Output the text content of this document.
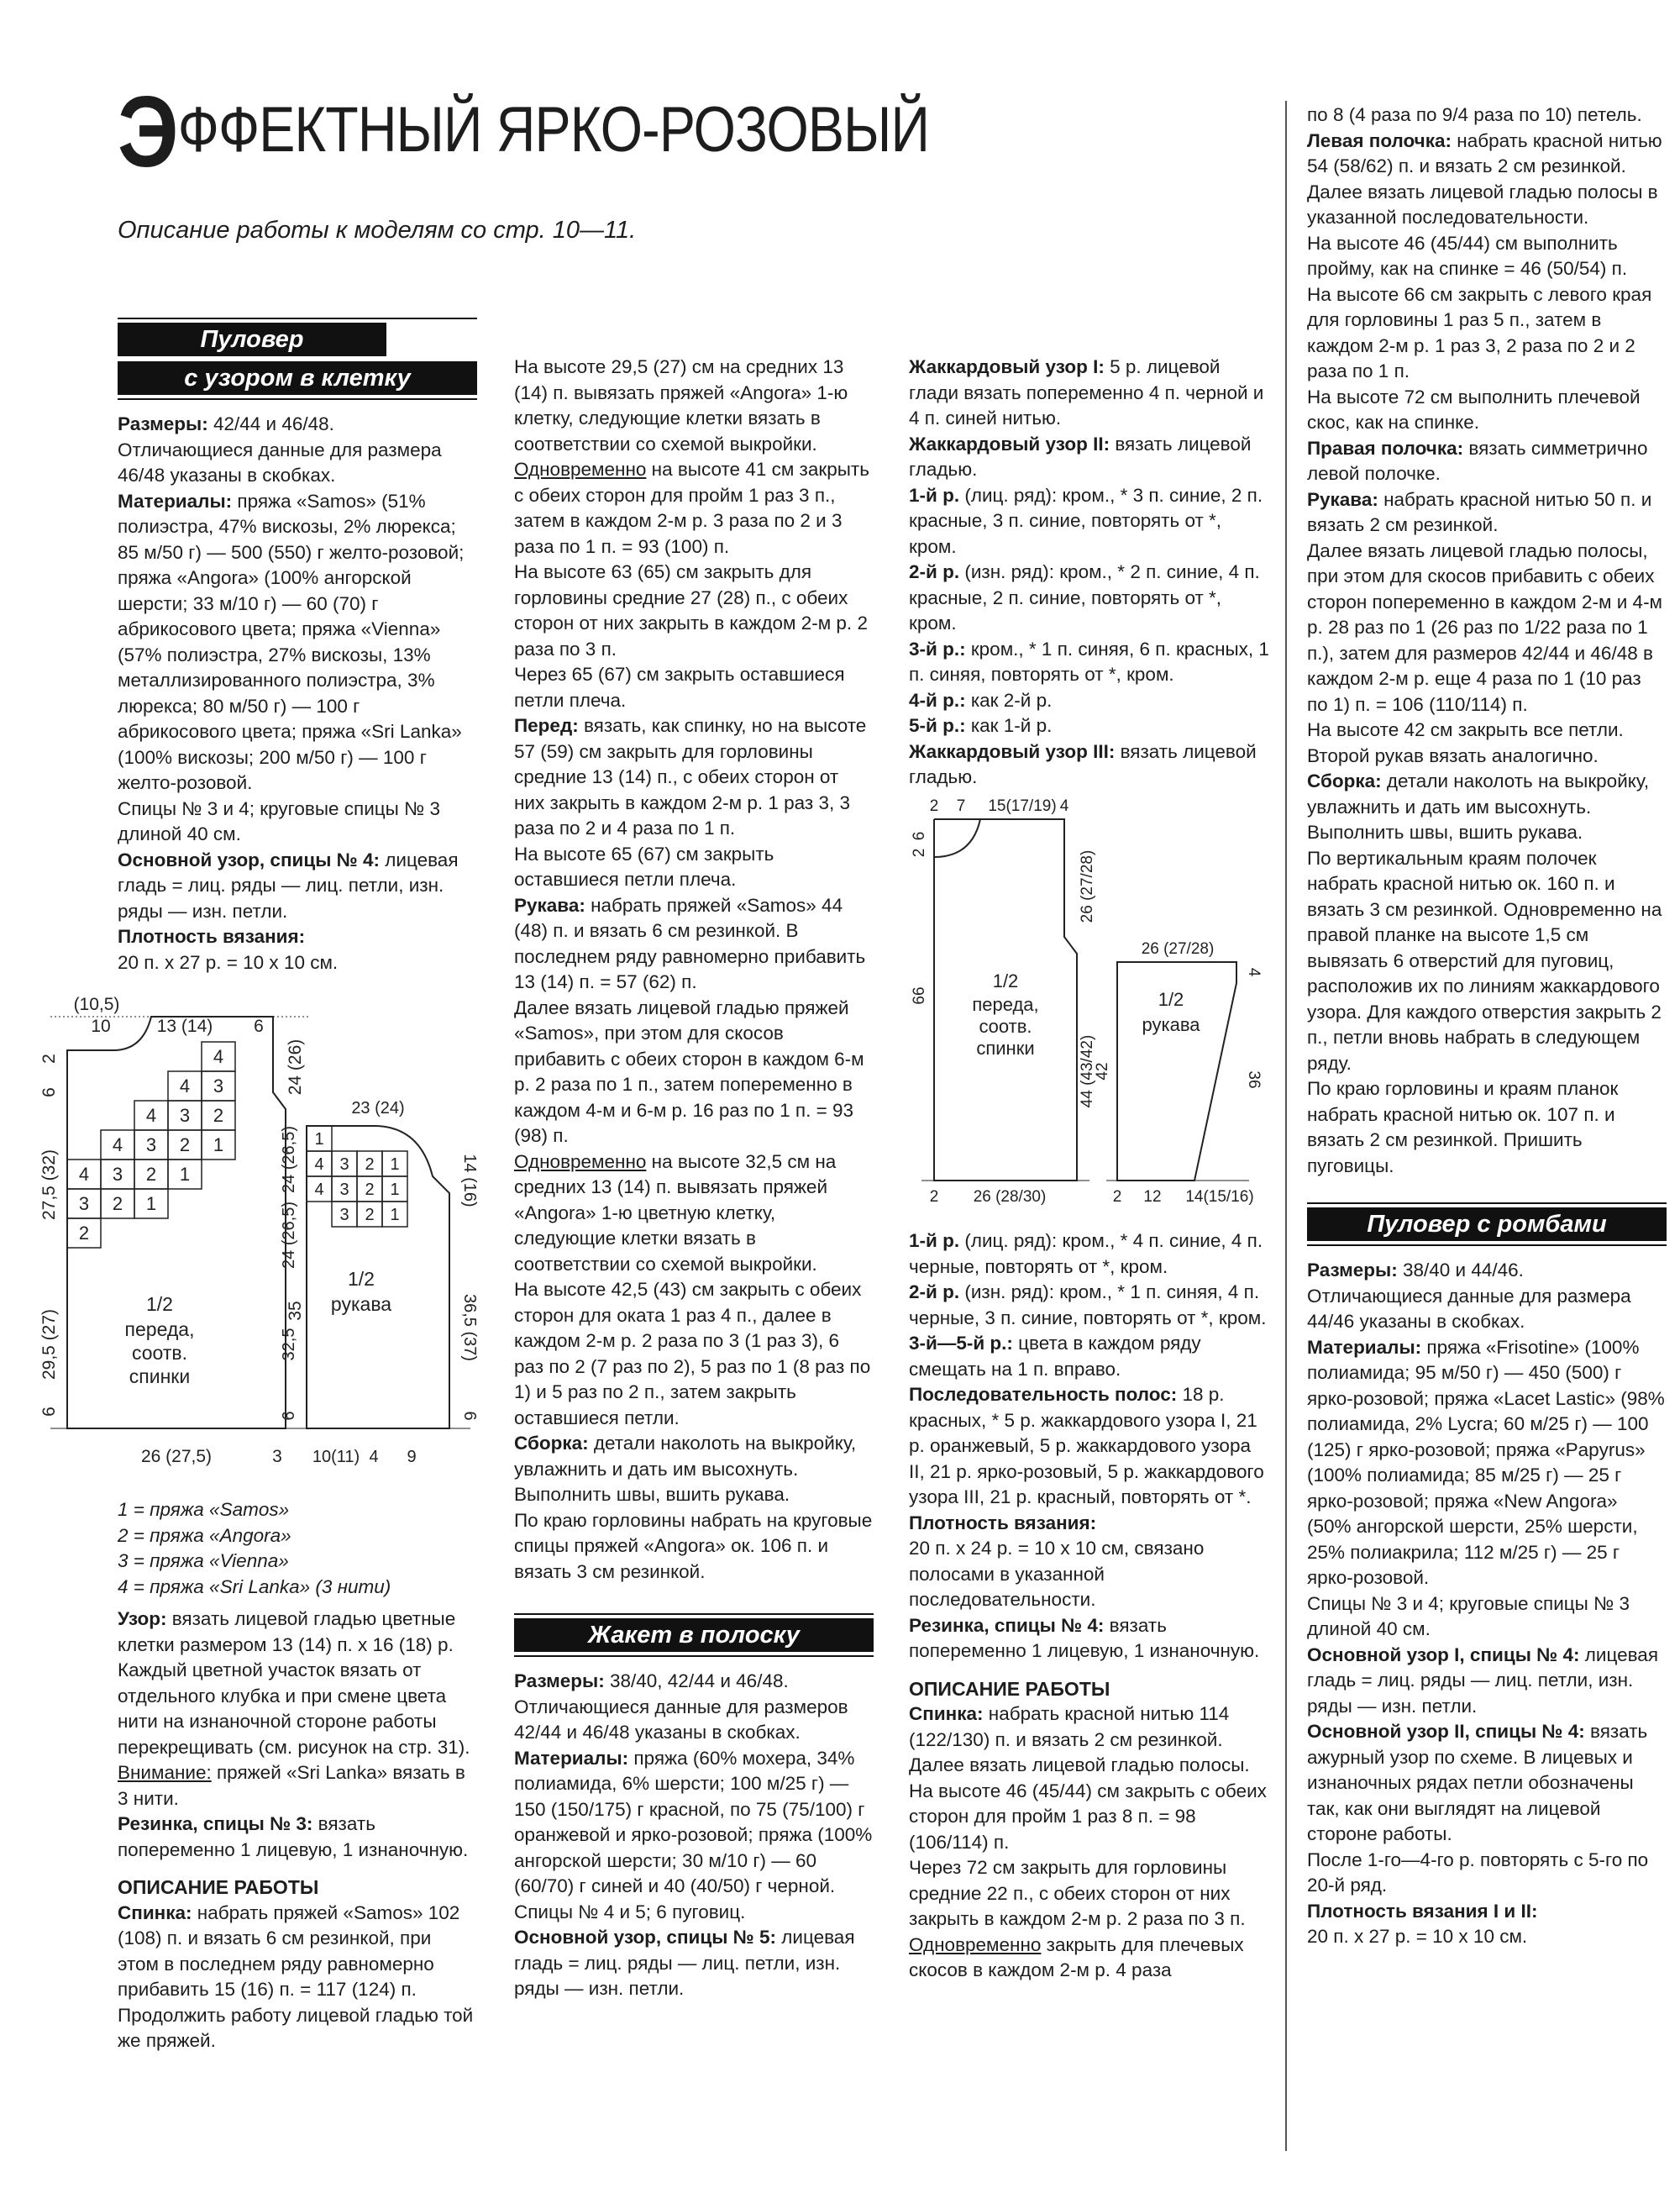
ЭФФЕКТНЫЙ ЯРКО-РОЗОВЫЙ
Описание работы к моделям со стр. 10—11.

Пуловер

с узором в клетку

Размеры: 42/44 и 46/48.

Отличающиеся данные для размера 46/48 указаны в скобках.

Материалы: пряжа «Samos» (51% полиэстра, 47% вискозы, 2% люрекса; 85 м/50 г) — 500 (550) г желто-розовой; пряжа «Angora» (100% ангорской шерсти; 33 м/10 г) — 60 (70) г абрикосового цвета; пряжа «Vienna» (57% полиэстра, 27% вискозы, 13% металлизированного полиэстра, 3% люрекса; 80 м/50 г) — 100 г абрикосового цвета; пряжа «Sri Lanka» (100% вискозы; 200 м/50 г) — 100 г желто-розовой.

Спицы № 3 и 4; круговые спицы № 3 длиной 40 см.

Основной узор, спицы № 4: лицевая гладь = лиц. ряды — лиц. петли, изн. ряды — изн. петли.

Плотность вязания:

20 п. х 27 р. = 10 х 10 см.

4
4 3
4 3 2
4 3 2 1
4 3 2 1
3 2 1
2
(10,5)
10	13 (14) 6
2
6
27,5 (32)
29,5 (27)
6
24 (26)
35
26 (27,5)	3
1/2
переда,
соотв.
спинки
1
4 3 2 1
4 3 2 1
3 2 1
23 (24)
24 (26,5)
24 (26,5)
32,5
6
14 (16)
36,5 (37)
6
10(11) 4 9
1/2
рукава

1 = пряжа «Samos»

2 = пряжа «Angora»

3 = пряжа «Vienna»

4 = пряжа «Sri Lanka» (3 нити)

Узор: вязать лицевой гладью цветные клетки размером 13 (14) п. х 16 (18) р.

Каждый цветной участок вязать от отдельного клубка и при смене цвета нити на изнаночной стороне работы перекрещивать (см. рисунок на стр. 31).

Внимание: пряжей «Sri Lanka» вязать в 3 нити.

Резинка, спицы № 3: вязать попеременно 1 лицевую, 1 изнаночную.

ОПИСАНИЕ РАБОТЫ

Спинка: набрать пряжей «Samos» 102 (108) п. и вязать 6 см резинкой, при этом в последнем ряду равномерно прибавить 15 (16) п. = 117 (124) п.

Продолжить работу лицевой гладью той же пряжей.

На высоте 29,5 (27) см на средних 13 (14) п. вывязать пряжей «Angora» 1-ю клетку, следующие клетки вязать в соответствии со схемой выкройки.

Одновременно на высоте 41 см закрыть с обеих сторон для пройм 1 раз 3 п., затем в каждом 2-м р. 3 раза по 2 и 3 раза по 1 п. = 93 (100) п.

На высоте 63 (65) см закрыть для горловины средние 27 (28) п., с обеих сторон от них закрыть в каждом 2-м р. 2 раза по 3 п.

Через 65 (67) см закрыть оставшиеся петли плеча.

Перед: вязать, как спинку, но на высоте 57 (59) см закрыть для горловины средние 13 (14) п., с обеих сторон от них закрыть в каждом 2-м р. 1 раз 3, 3 раза по 2 и 4 раза по 1 п.

На высоте 65 (67) см закрыть оставшиеся петли плеча.

Рукава: набрать пряжей «Samos» 44 (48) п. и вязать 6 см резинкой. В последнем ряду равномерно прибавить 13 (14) п. = 57 (62) п.

Далее вязать лицевой гладью пряжей «Samos», при этом для скосов прибавить с обеих сторон в каждом 6-м р. 2 раза по 1 п., затем попеременно в каждом 4-м и 6-м р. 16 раз по 1 п. = 93 (98) п.

Одновременно на высоте 32,5 см на средних 13 (14) п. вывязать пряжей «Angora» 1-ю цветную клетку, следующие клетки вязать в соответствии со схемой выкройки.

На высоте 42,5 (43) см закрыть с обеих сторон для оката 1 раз 4 п., далее в каждом 2-м р. 2 раза по 3 (1 раз 3), 6 раз по 2 (7 раз по 2), 5 раз по 1 (8 раз по 1) и 5 раз по 2 п., затем закрыть оставшиеся петли.

Сборка: детали наколоть на выкройку, увлажнить и дать им высохнуть.

Выполнить швы, вшить рукава.

По краю горловины набрать на круговые спицы пряжей «Angora» ок. 106 п. и вязать 3 см резинкой.

Жакет в полоску

Размеры: 38/40, 42/44 и 46/48.

Отличающиеся данные для размеров 42/44 и 46/48 указаны в скобках.

Материалы: пряжа (60% мохера, 34% полиамида, 6% шерсти; 100 м/25 г) — 150 (150/175) г красной, по 75 (75/100) г оранжевой и ярко-розовой; пряжа (100% ангорской шерсти; 30 м/10 г) — 60 (60/70) г синей и 40 (40/50) г черной.

Спицы № 4 и 5; 6 пуговиц.

Основной узор, спицы № 5: лицевая гладь = лиц. ряды — лиц. петли, изн. ряды — изн. петли.

Жаккардовый узор I: 5 р. лицевой глади вязать попеременно 4 п. черной и 4 п. синей нитью.

Жаккардовый узор II: вязать лицевой гладью.

1-й р. (лиц. ряд): кром., * 3 п. синие, 2 п. красные, 3 п. синие, повторять от *, кром.

2-й р. (изн. ряд): кром., * 2 п. синие, 4 п. красные, 2 п. синие, повторять от *, кром.

3-й р.: кром., * 1 п. синяя, 6 п. красных, 1 п. синяя, повторять от *, кром.

4-й р.: как 2-й р.

5-й р.: как 1-й р.

Жаккардовый узор III: вязать лицевой гладью.

2 7 15(17/19) 4
6
2
66
26 (27/28)
44 (43/42)
2 26 (28/30)
26 (27/28)
42
4
36
2 12 14(15/16)
1/2
переда,
соотв.
спинки
1/2
рукава

1-й р. (лиц. ряд): кром., * 4 п. синие, 4 п. черные, повторять от *, кром.

2-й р. (изн. ряд): кром., * 1 п. синяя, 4 п. черные, 3 п. синие, повторять от *, кром.

3-й—5-й р.: цвета в каждом ряду смещать на 1 п. вправо.

Последовательность полос: 18 р. красных, * 5 р. жаккардового узора I, 21 р. оранжевый, 5 р. жаккардового узора II, 21 р. ярко-розовый, 5 р. жаккардового узора III, 21 р. красный, повторять от *.

Плотность вязания:

20 п. х 24 р. = 10 х 10 см, связано полосами в указанной последовательности.

Резинка, спицы № 4: вязать попеременно 1 лицевую, 1 изнаночную.

ОПИСАНИЕ РАБОТЫ

Спинка: набрать красной нитью 114 (122/130) п. и вязать 2 см резинкой.

Далее вязать лицевой гладью полосы.

На высоте 46 (45/44) см закрыть с обеих сторон для пройм 1 раз 8 п. = 98 (106/114) п.

Через 72 см закрыть для горловины средние 22 п., с обеих сторон от них закрыть в каждом 2-м р. 2 раза по 3 п.

Одновременно закрыть для плечевых скосов в каждом 2-м р. 4 раза

по 8 (4 раза по 9/4 раза по 10) петель.

Левая полочка: набрать красной нитью 54 (58/62) п. и вязать 2 см резинкой.

Далее вязать лицевой гладью полосы в указанной последовательности.

На высоте 46 (45/44) см выполнить пройму, как на спинке = 46 (50/54) п.

На высоте 66 см закрыть с левого края для горловины 1 раз 5 п., затем в каждом 2-м р. 1 раз 3, 2 раза по 2 и 2 раза по 1 п.

На высоте 72 см выполнить плечевой скос, как на спинке.

Правая полочка: вязать симметрично левой полочке.

Рукава: набрать красной нитью 50 п. и вязать 2 см резинкой.

Далее вязать лицевой гладью полосы, при этом для скосов прибавить с обеих сторон попеременно в каждом 2-м и 4-м р. 28 раз по 1 (26 раз по 1/22 раза по 1 п.), затем для размеров 42/44 и 46/48 в каждом 2-м р. еще 4 раза по 1 (10 раз по 1) п. = 106 (110/114) п.

На высоте 42 см закрыть все петли.

Второй рукав вязать аналогично.

Сборка: детали наколоть на выкройку, увлажнить и дать им высохнуть. Выполнить швы, вшить рукава.

По вертикальным краям полочек набрать красной нитью ок. 160 п. и вязать 3 см резинкой. Одновременно на правой планке на высоте 1,5 см вывязать 6 отверстий для пуговиц, расположив их по линиям жаккардового узора. Для каждого отверстия закрыть 2 п., петли вновь набрать в следующем ряду.

По краю горловины и краям планок набрать красной нитью ок. 107 п. и вязать 2 см резинкой. Пришить пуговицы.

Пуловер с ромбами

Размеры: 38/40 и 44/46.

Отличающиеся данные для размера 44/46 указаны в скобках.

Материалы: пряжа «Frisotine» (100% полиамида; 95 м/50 г) — 450 (500) г ярко-розовой; пряжа «Lacet Lastic» (98% полиамида, 2% Lycra; 60 м/25 г) — 100 (125) г ярко-розовой; пряжа «Papyrus» (100% полиамида; 85 м/25 г) — 25 г ярко-розовой; пряжа «New Angora» (50% ангорской шерсти, 25% шерсти, 25% полиакрила; 112 м/25 г) — 25 г ярко-розовой.

Спицы № 3 и 4; круговые спицы № 3 длиной 40 см.

Основной узор I, спицы № 4: лицевая гладь = лиц. ряды — лиц. петли, изн. ряды — изн. петли.

Основной узор II, спицы № 4: вязать ажурный узор по схеме. В лицевых и изнаночных рядах петли обозначены так, как они выглядят на лицевой стороне работы.

После 1-го—4-го р. повторять с 5-го по 20-й ряд.

Плотность вязания I и II:

20 п. х 27 р. = 10 х 10 см.
